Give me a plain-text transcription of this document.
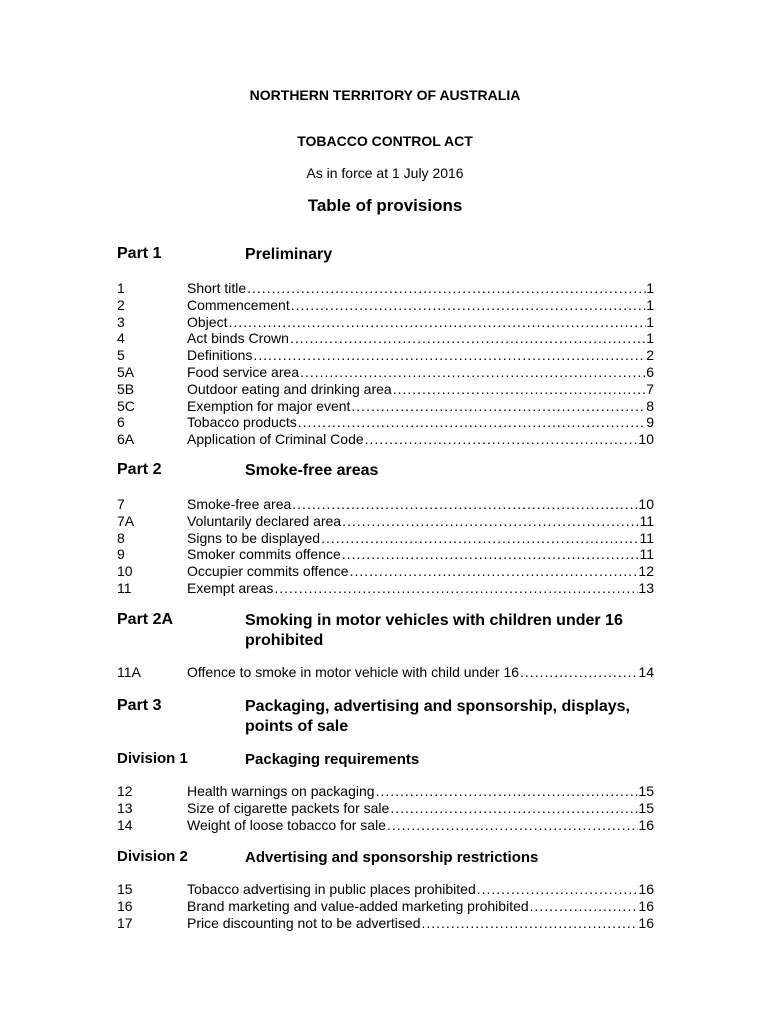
NORTHERN TERRITORY OF AUSTRALIA
TOBACCO CONTROL ACT
As in force at 1 July 2016
Table of provisions
Part 1	Preliminary
1	Short title .....	1
2	Commencement .....	1
3	Object .....	1
4	Act binds Crown .....	1
5	Definitions .....	2
5A	Food service area .....	6
5B	Outdoor eating and drinking area .....	7
5C	Exemption for major event .....	8
6	Tobacco products .....	9
6A	Application of Criminal Code .....	10
Part 2	Smoke-free areas
7	Smoke-free area .....	10
7A	Voluntarily declared area .....	11
8	Signs to be displayed .....	11
9	Smoker commits offence .....	11
10	Occupier commits offence .....	12
11	Exempt areas .....	13
Part 2A	Smoking in motor vehicles with children under 16 prohibited
11A	Offence to smoke in motor vehicle with child under 16 .....	14
Part 3	Packaging, advertising and sponsorship, displays, points of sale
Division 1	Packaging requirements
12	Health warnings on packaging .....	15
13	Size of cigarette packets for sale .....	15
14	Weight of loose tobacco for sale .....	16
Division 2	Advertising and sponsorship restrictions
15	Tobacco advertising in public places prohibited .....	16
16	Brand marketing and value-added marketing prohibited .....	16
17	Price discounting not to be advertised .....	16
